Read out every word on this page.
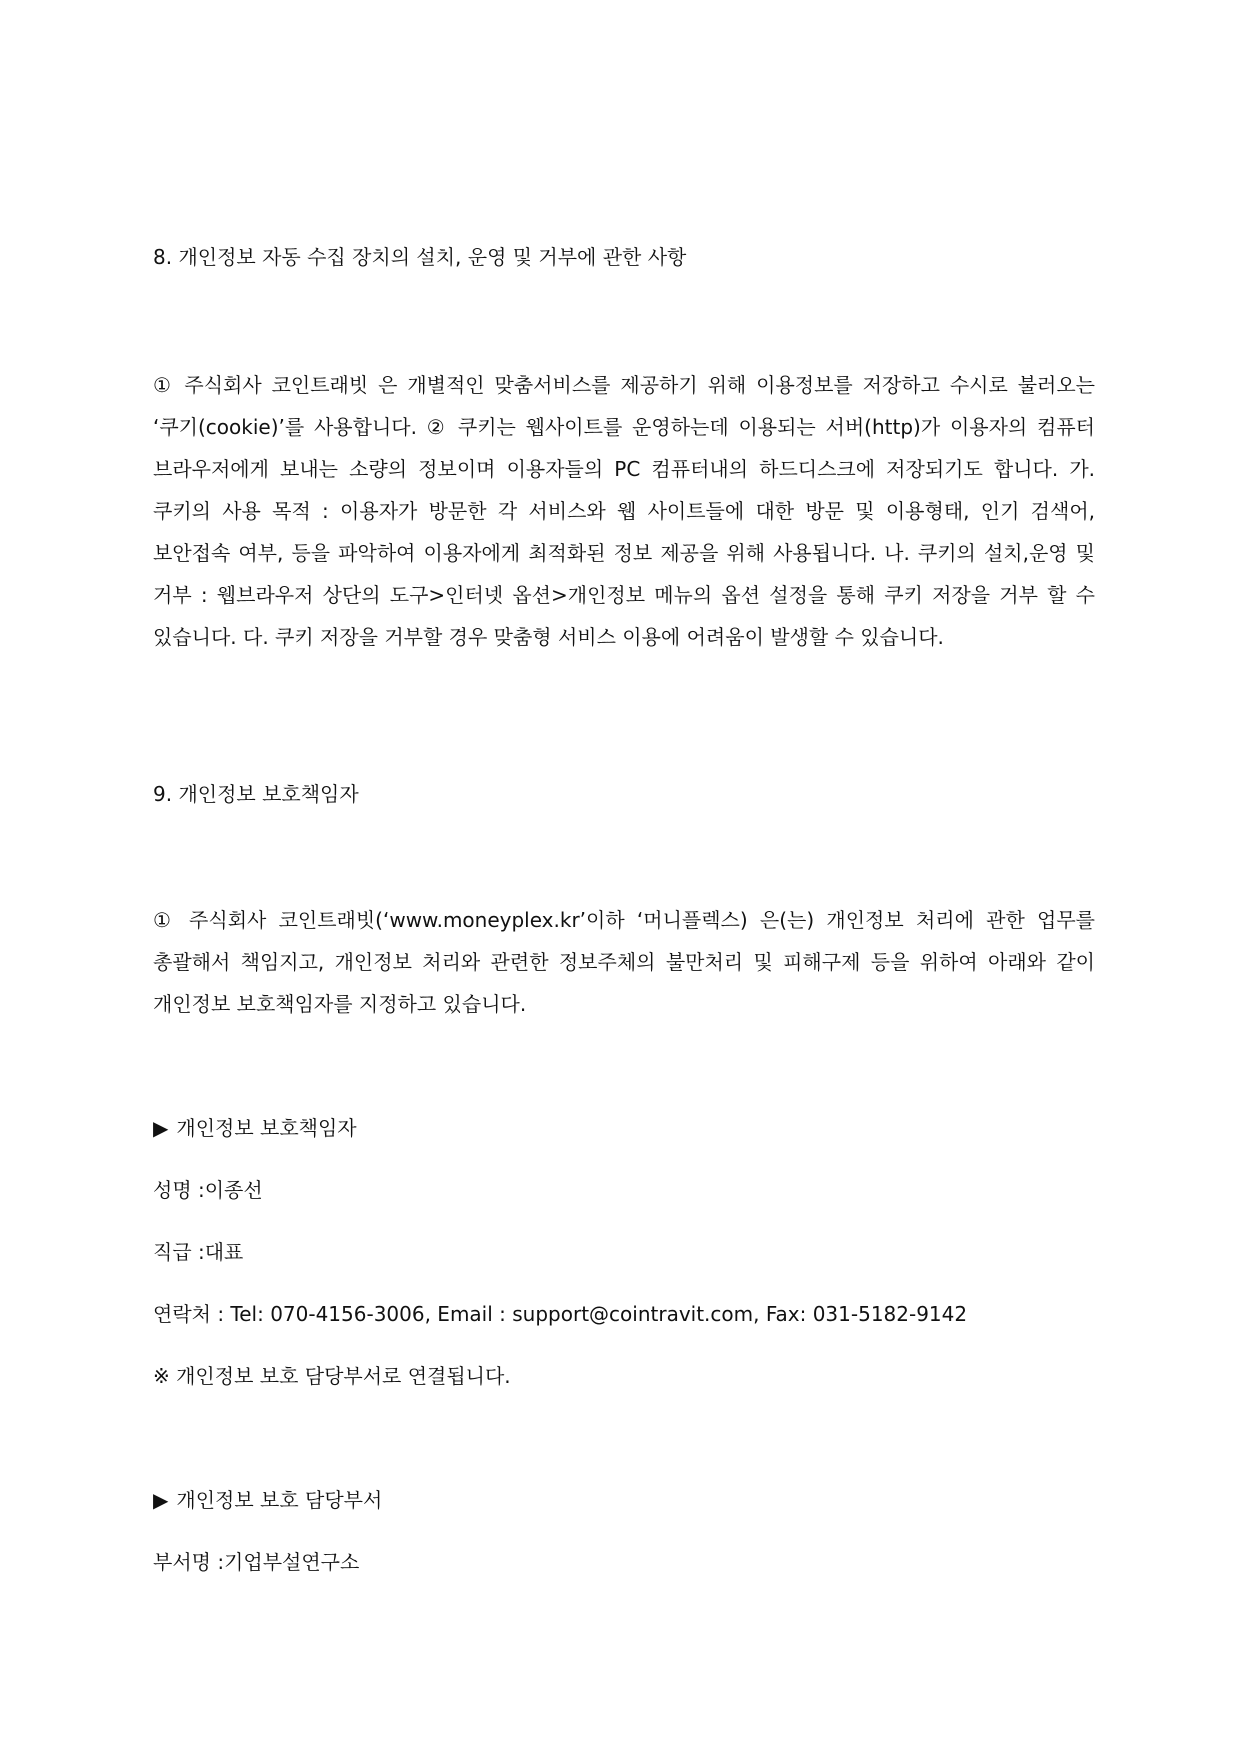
8. 개인정보 자동 수집 장치의 설치, 운영 및 거부에 관한 사항
① 주식회사 코인트래빗 은 개별적인 맞춤서비스를 제공하기 위해 이용정보를 저장하고 수시로 불러오는 ‘쿠기(cookie)’를 사용합니다. ② 쿠키는 웹사이트를 운영하는데 이용되는 서버(http)가 이용자의 컴퓨터 브라우저에게 보내는 소량의 정보이며 이용자들의 PC 컴퓨터내의 하드디스크에 저장되기도 합니다. 가. 쿠키의 사용 목적 : 이용자가 방문한 각 서비스와 웹 사이트들에 대한 방문 및 이용형태, 인기 검색어, 보안접속 여부, 등을 파악하여 이용자에게 최적화된 정보 제공을 위해 사용됩니다. 나. 쿠키의 설치,운영 및 거부 : 웹브라우저 상단의 도구>인터넷 옵션>개인정보 메뉴의 옵션 설정을 통해 쿠키 저장을 거부 할 수 있습니다. 다. 쿠키 저장을 거부할 경우 맞춤형 서비스 이용에 어려움이 발생할 수 있습니다.
9. 개인정보 보호책임자
① 주식회사 코인트래빗(‘www.moneyplex.kr’이하 ‘머니플렉스) 은(는) 개인정보 처리에 관한 업무를 총괄해서 책임지고, 개인정보 처리와 관련한 정보주체의 불만처리 및 피해구제 등을 위하여 아래와 같이 개인정보 보호책임자를 지정하고 있습니다.
▶ 개인정보 보호책임자
성명 :이종선
직급 :대표
연락처 : Tel: 070-4156-3006, Email : support@cointravit.com, Fax: 031-5182-9142
※ 개인정보 보호 담당부서로 연결됩니다.
▶ 개인정보 보호 담당부서
부서명 :기업부설연구소
